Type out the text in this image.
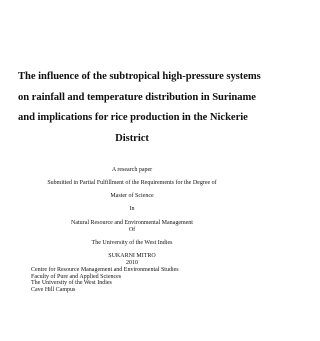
The influence of the subtropical high-pressure systems
on rainfall and temperature distribution in Suriname
and implications for rice production in the Nickerie
District

A research paper

Submitted in Partial Fulfillment of the Requirements for the Degree of

Master of Science

In

Natural Resource and Environmental Management

Of

The University of the West Indies

SUKARNI MITRO

2010

Centre for Resource Management and Environmental Studies
Faculty of Pure and Applied Sciences
The University of the West Indies
Cave Hill Campus
